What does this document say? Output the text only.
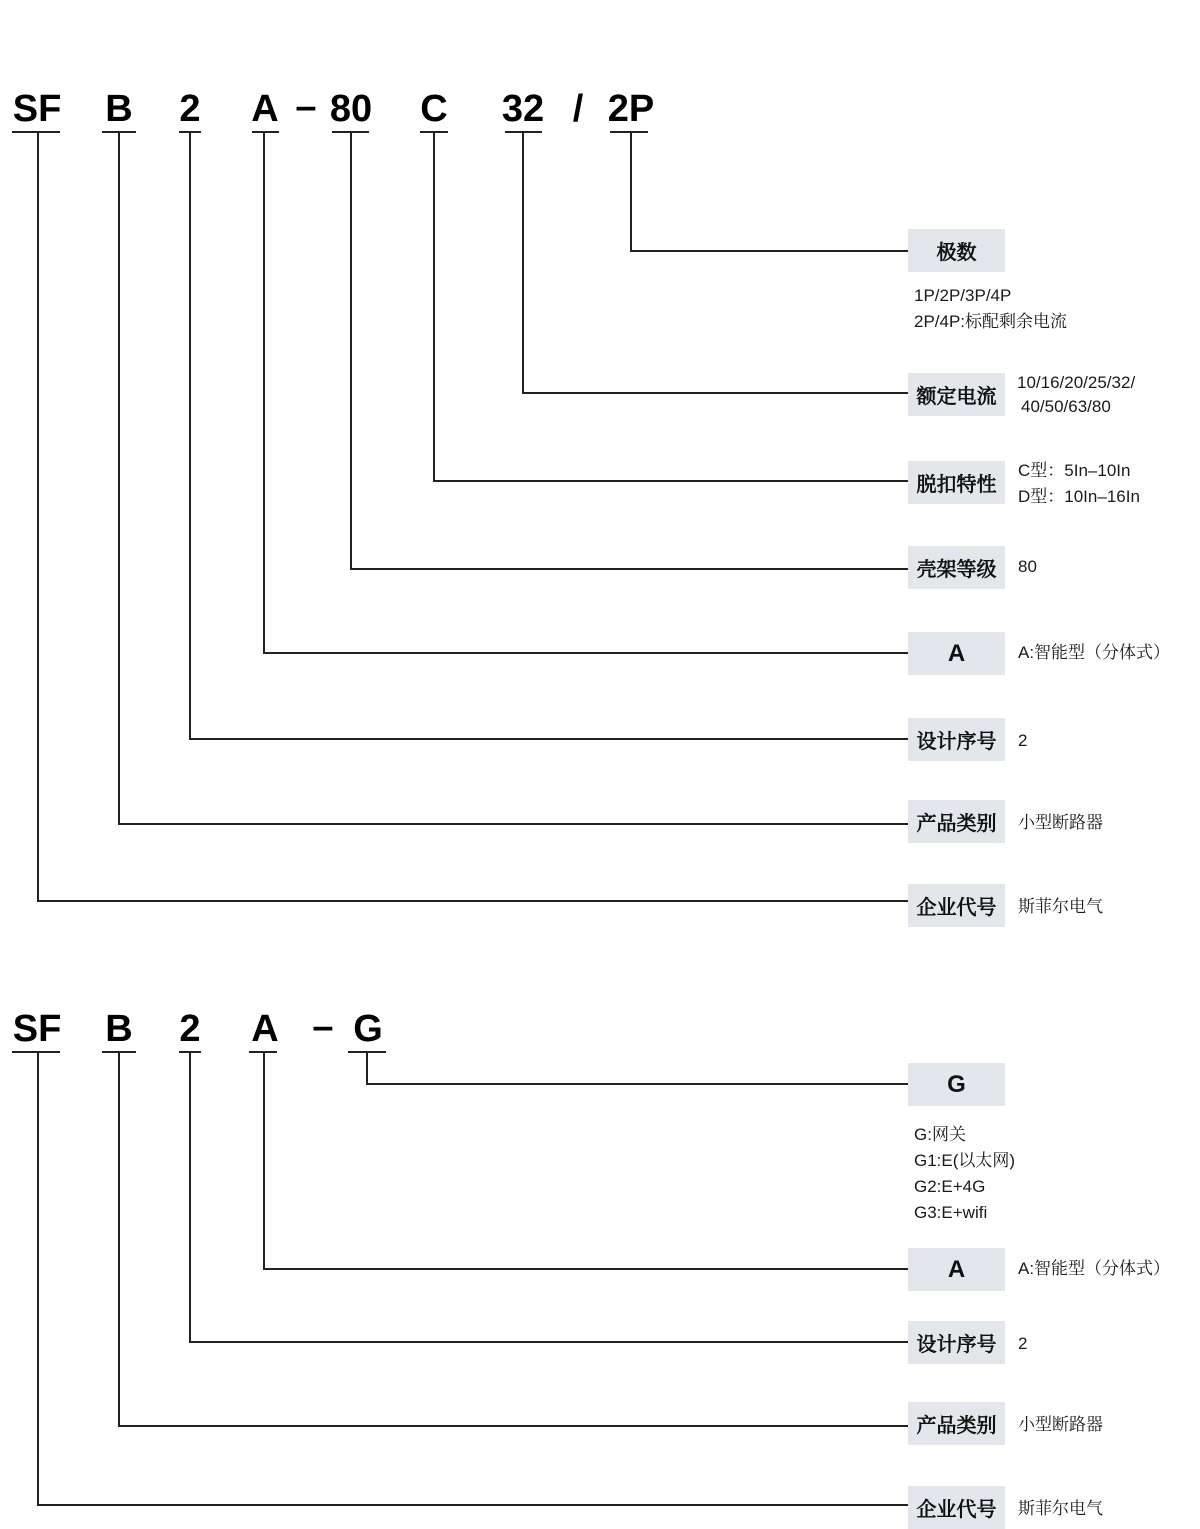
SF B 2 A – 80 C 32 / 2P
极数
额定电流
脱扣特性
壳架等级
A
设计序号
产品类别
企业代号
1P/2P/3P/4P
2P/4P:标配剩余电流
10/16/20/25/32/
40/50/63/80
C型：5In–10In
D型：10In–16In
80
A:智能型（分体式）
2
小型断路器
斯菲尔电气
SF B 2 A – G
G
A
设计序号
产品类别
企业代号
G:网关
G1:E(以太网)
G2:E+4G
G3:E+wifi
A:智能型（分体式）
2
小型断路器
斯菲尔电气
